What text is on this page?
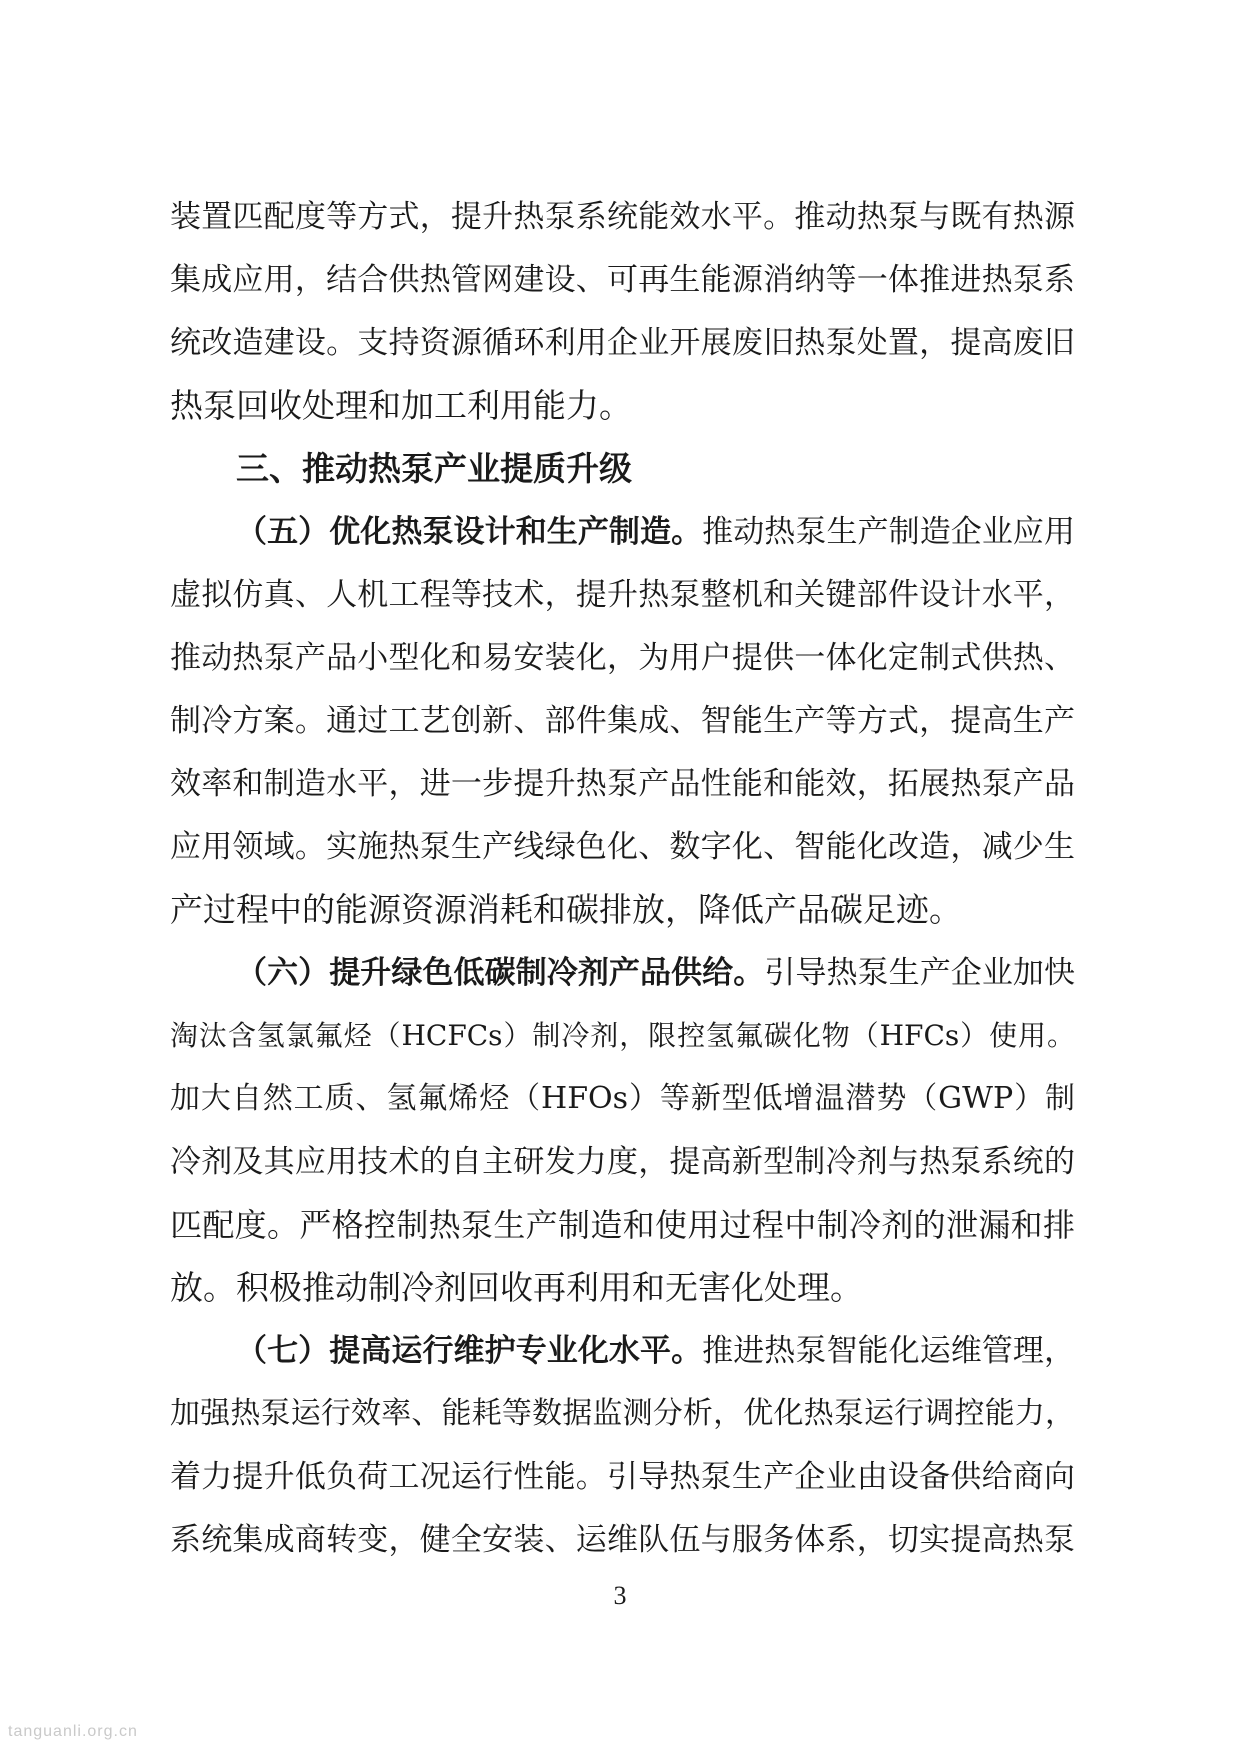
装置匹配度等方式，提升热泵系统能效水平。推动热泵与既有热源
集成应用，结合供热管网建设、可再生能源消纳等一体推进热泵系
统改造建设。支持资源循环利用企业开展废旧热泵处置，提高废旧
热泵回收处理和加工利用能力。
三、推动热泵产业提质升级
（五）优化热泵设计和生产制造。推动热泵生产制造企业应用
虚拟仿真、人机工程等技术，提升热泵整机和关键部件设计水平，
推动热泵产品小型化和易安装化，为用户提供一体化定制式供热、
制冷方案。通过工艺创新、部件集成、智能生产等方式，提高生产
效率和制造水平，进一步提升热泵产品性能和能效，拓展热泵产品
应用领域。实施热泵生产线绿色化、数字化、智能化改造，减少生
产过程中的能源资源消耗和碳排放，降低产品碳足迹。
（六）提升绿色低碳制冷剂产品供给。引导热泵生产企业加快
淘汰含氢氯氟烃（HCFCs）制冷剂，限控氢氟碳化物（HFCs）使用。
加大自然工质、氢氟烯烃（HFOs）等新型低增温潜势（GWP）制
冷剂及其应用技术的自主研发力度，提高新型制冷剂与热泵系统的
匹配度。严格控制热泵生产制造和使用过程中制冷剂的泄漏和排
放。积极推动制冷剂回收再利用和无害化处理。
（七）提高运行维护专业化水平。推进热泵智能化运维管理，
加强热泵运行效率、能耗等数据监测分析，优化热泵运行调控能力，
着力提升低负荷工况运行性能。引导热泵生产企业由设备供给商向
系统集成商转变，健全安装、运维队伍与服务体系，切实提高热泵
3
tanguanli.org.cn
